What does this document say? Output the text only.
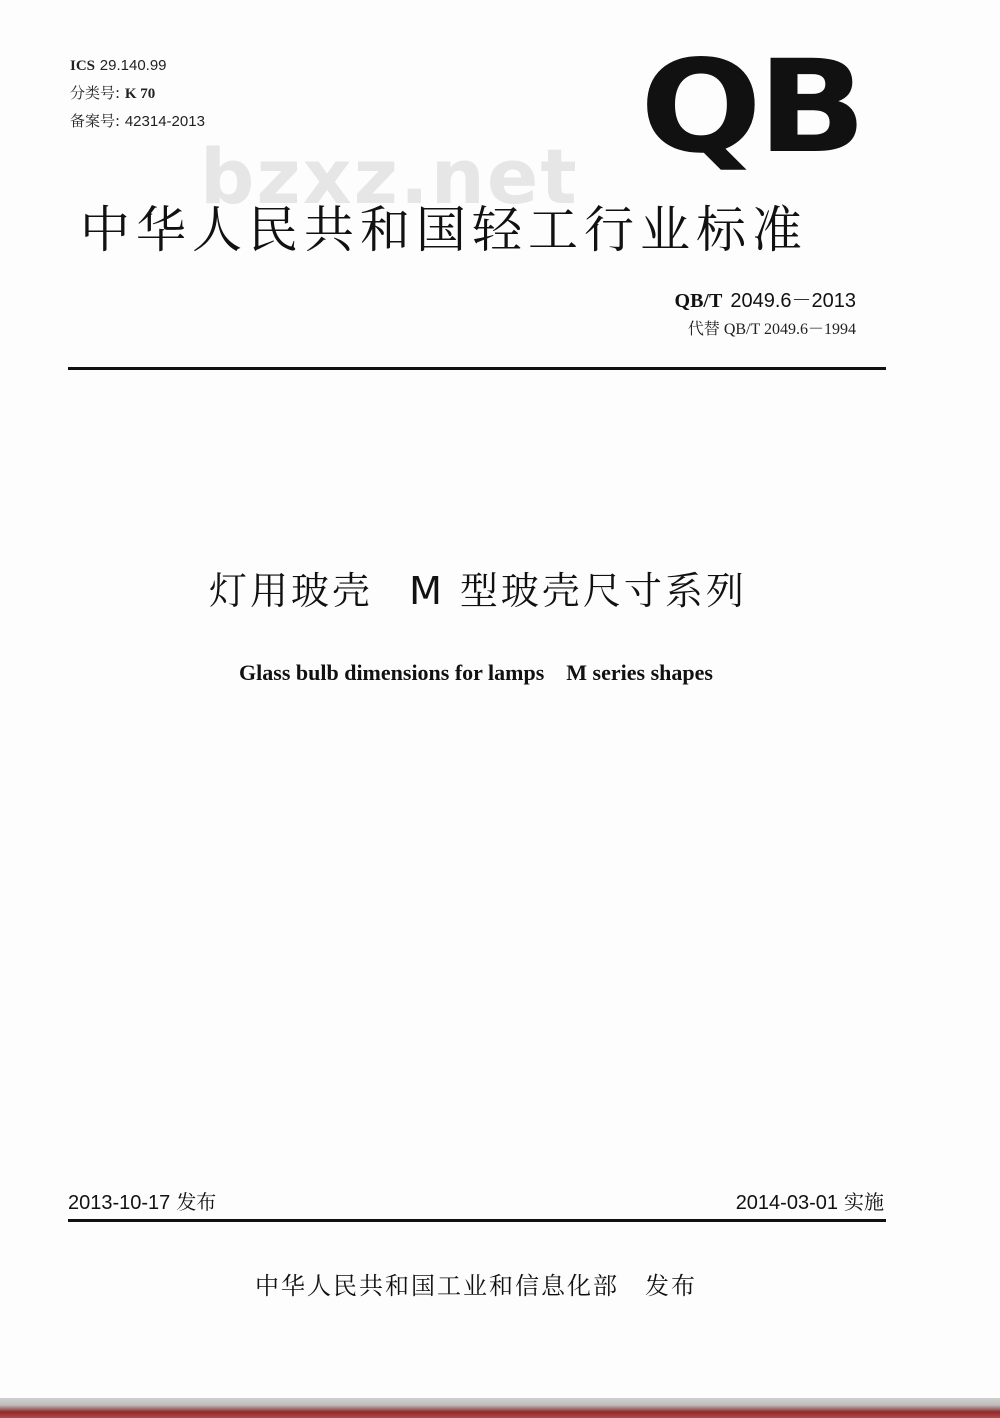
ICS 29.140.99
分类号: K 70
备案号: 42314-2013	QB
bzxz.net
中华人民共和国轻工行业标准
QB/T 2049.6－2013
代替 QB/T 2049.6－1994
灯用玻壳 M 型玻壳尺寸系列
Glass bulb dimensions for lamps M series shapes
2013-10-17 发布	2014-03-01 实施
中华人民共和国工业和信息化部 发布
